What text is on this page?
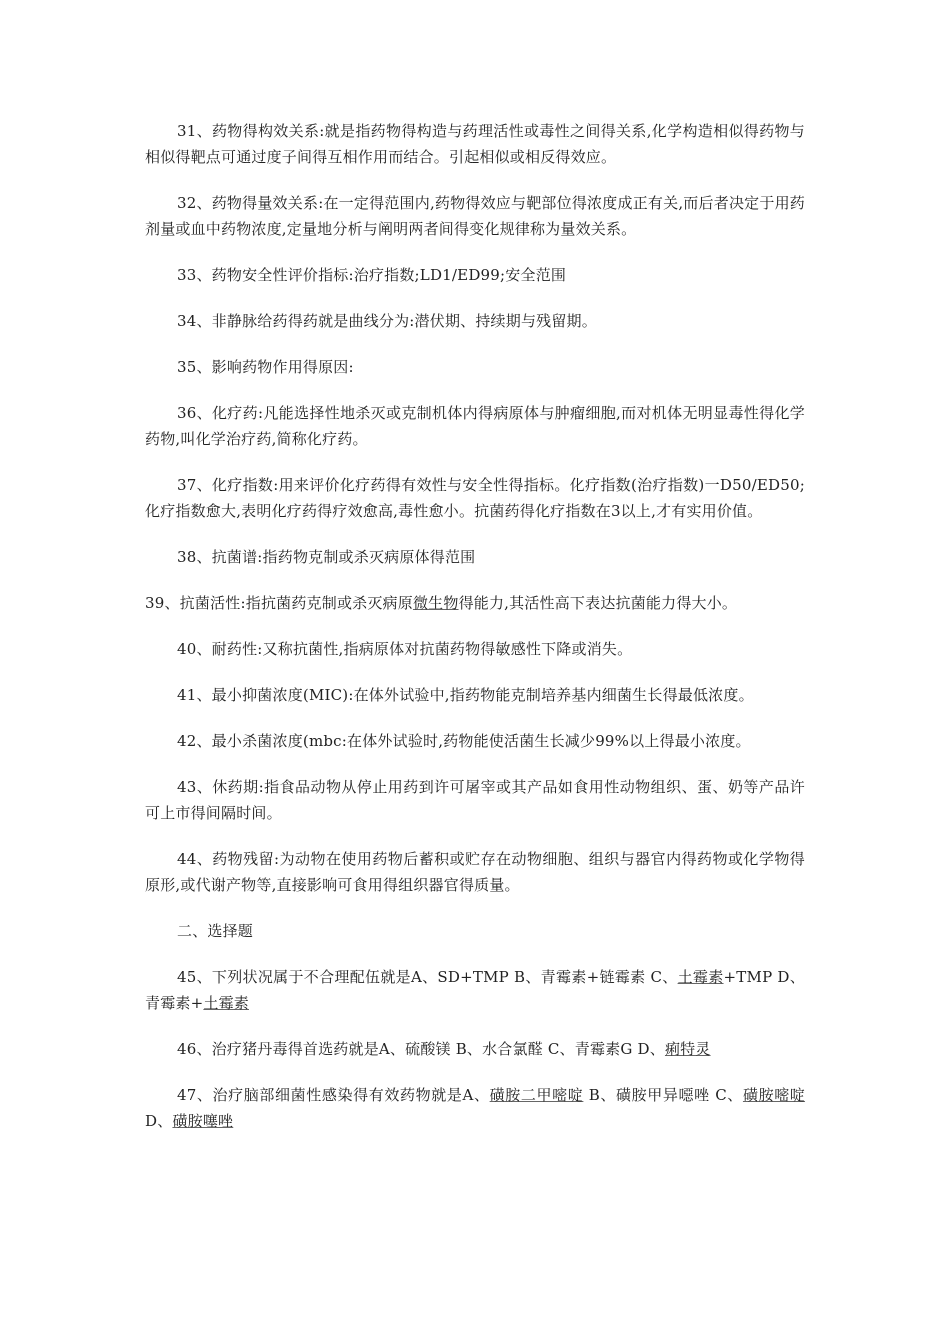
31、药物得构效关系:就是指药物得构造与药理活性或毒性之间得关系,化学构造相似得药物与相似得靶点可通过度子间得互相作用而结合。引起相似或相反得效应。

32、药物得量效关系:在一定得范围内,药物得效应与靶部位得浓度成正有关,而后者决定于用药剂量或血中药物浓度,定量地分析与阐明两者间得变化规律称为量效关系。

33、药物安全性评价指标:治疗指数;LD1/ED99;安全范围

34、非静脉给药得药就是曲线分为:潜伏期、持续期与残留期。

35、影响药物作用得原因:

36、化疗药:凡能选择性地杀灭或克制机体内得病原体与肿瘤细胞,而对机体无明显毒性得化学药物,叫化学治疗药,简称化疗药。

37、化疗指数:用来评价化疗药得有效性与安全性得指标。化疗指数(治疗指数)一D50/ED50;化疗指数愈大,表明化疗药得疗效愈高,毒性愈小。抗菌药得化疗指数在3以上,才有实用价值。

38、抗菌谱:指药物克制或杀灭病原体得范围

39、抗菌活性:指抗菌药克制或杀灭病原微生物得能力,其活性高下表达抗菌能力得大小。

40、耐药性:又称抗菌性,指病原体对抗菌药物得敏感性下降或消失。

41、最小抑菌浓度(MIC):在体外试验中,指药物能克制培养基内细菌生长得最低浓度。

42、最小杀菌浓度(mbc:在体外试验时,药物能使活菌生长减少99%以上得最小浓度。

43、休药期:指食品动物从停止用药到许可屠宰或其产品如食用性动物组织、蛋、奶等产品许可上市得间隔时间。

44、药物残留:为动物在使用药物后蓄积或贮存在动物细胞、组织与器官内得药物或化学物得原形,或代谢产物等,直接影响可食用得组织器官得质量。

二、选择题

45、下列状况属于不合理配伍就是A、SD+TMP B、青霉素+链霉素 C、土霉素+TMP D、青霉素+土霉素

46、治疗猪丹毒得首选药就是A、硫酸镁 B、水合氯醛 C、青霉素G D、痢特灵

47、治疗脑部细菌性感染得有效药物就是A、磺胺二甲嘧啶 B、磺胺甲异噁唑 C、磺胺嘧啶 D、磺胺噻唑
